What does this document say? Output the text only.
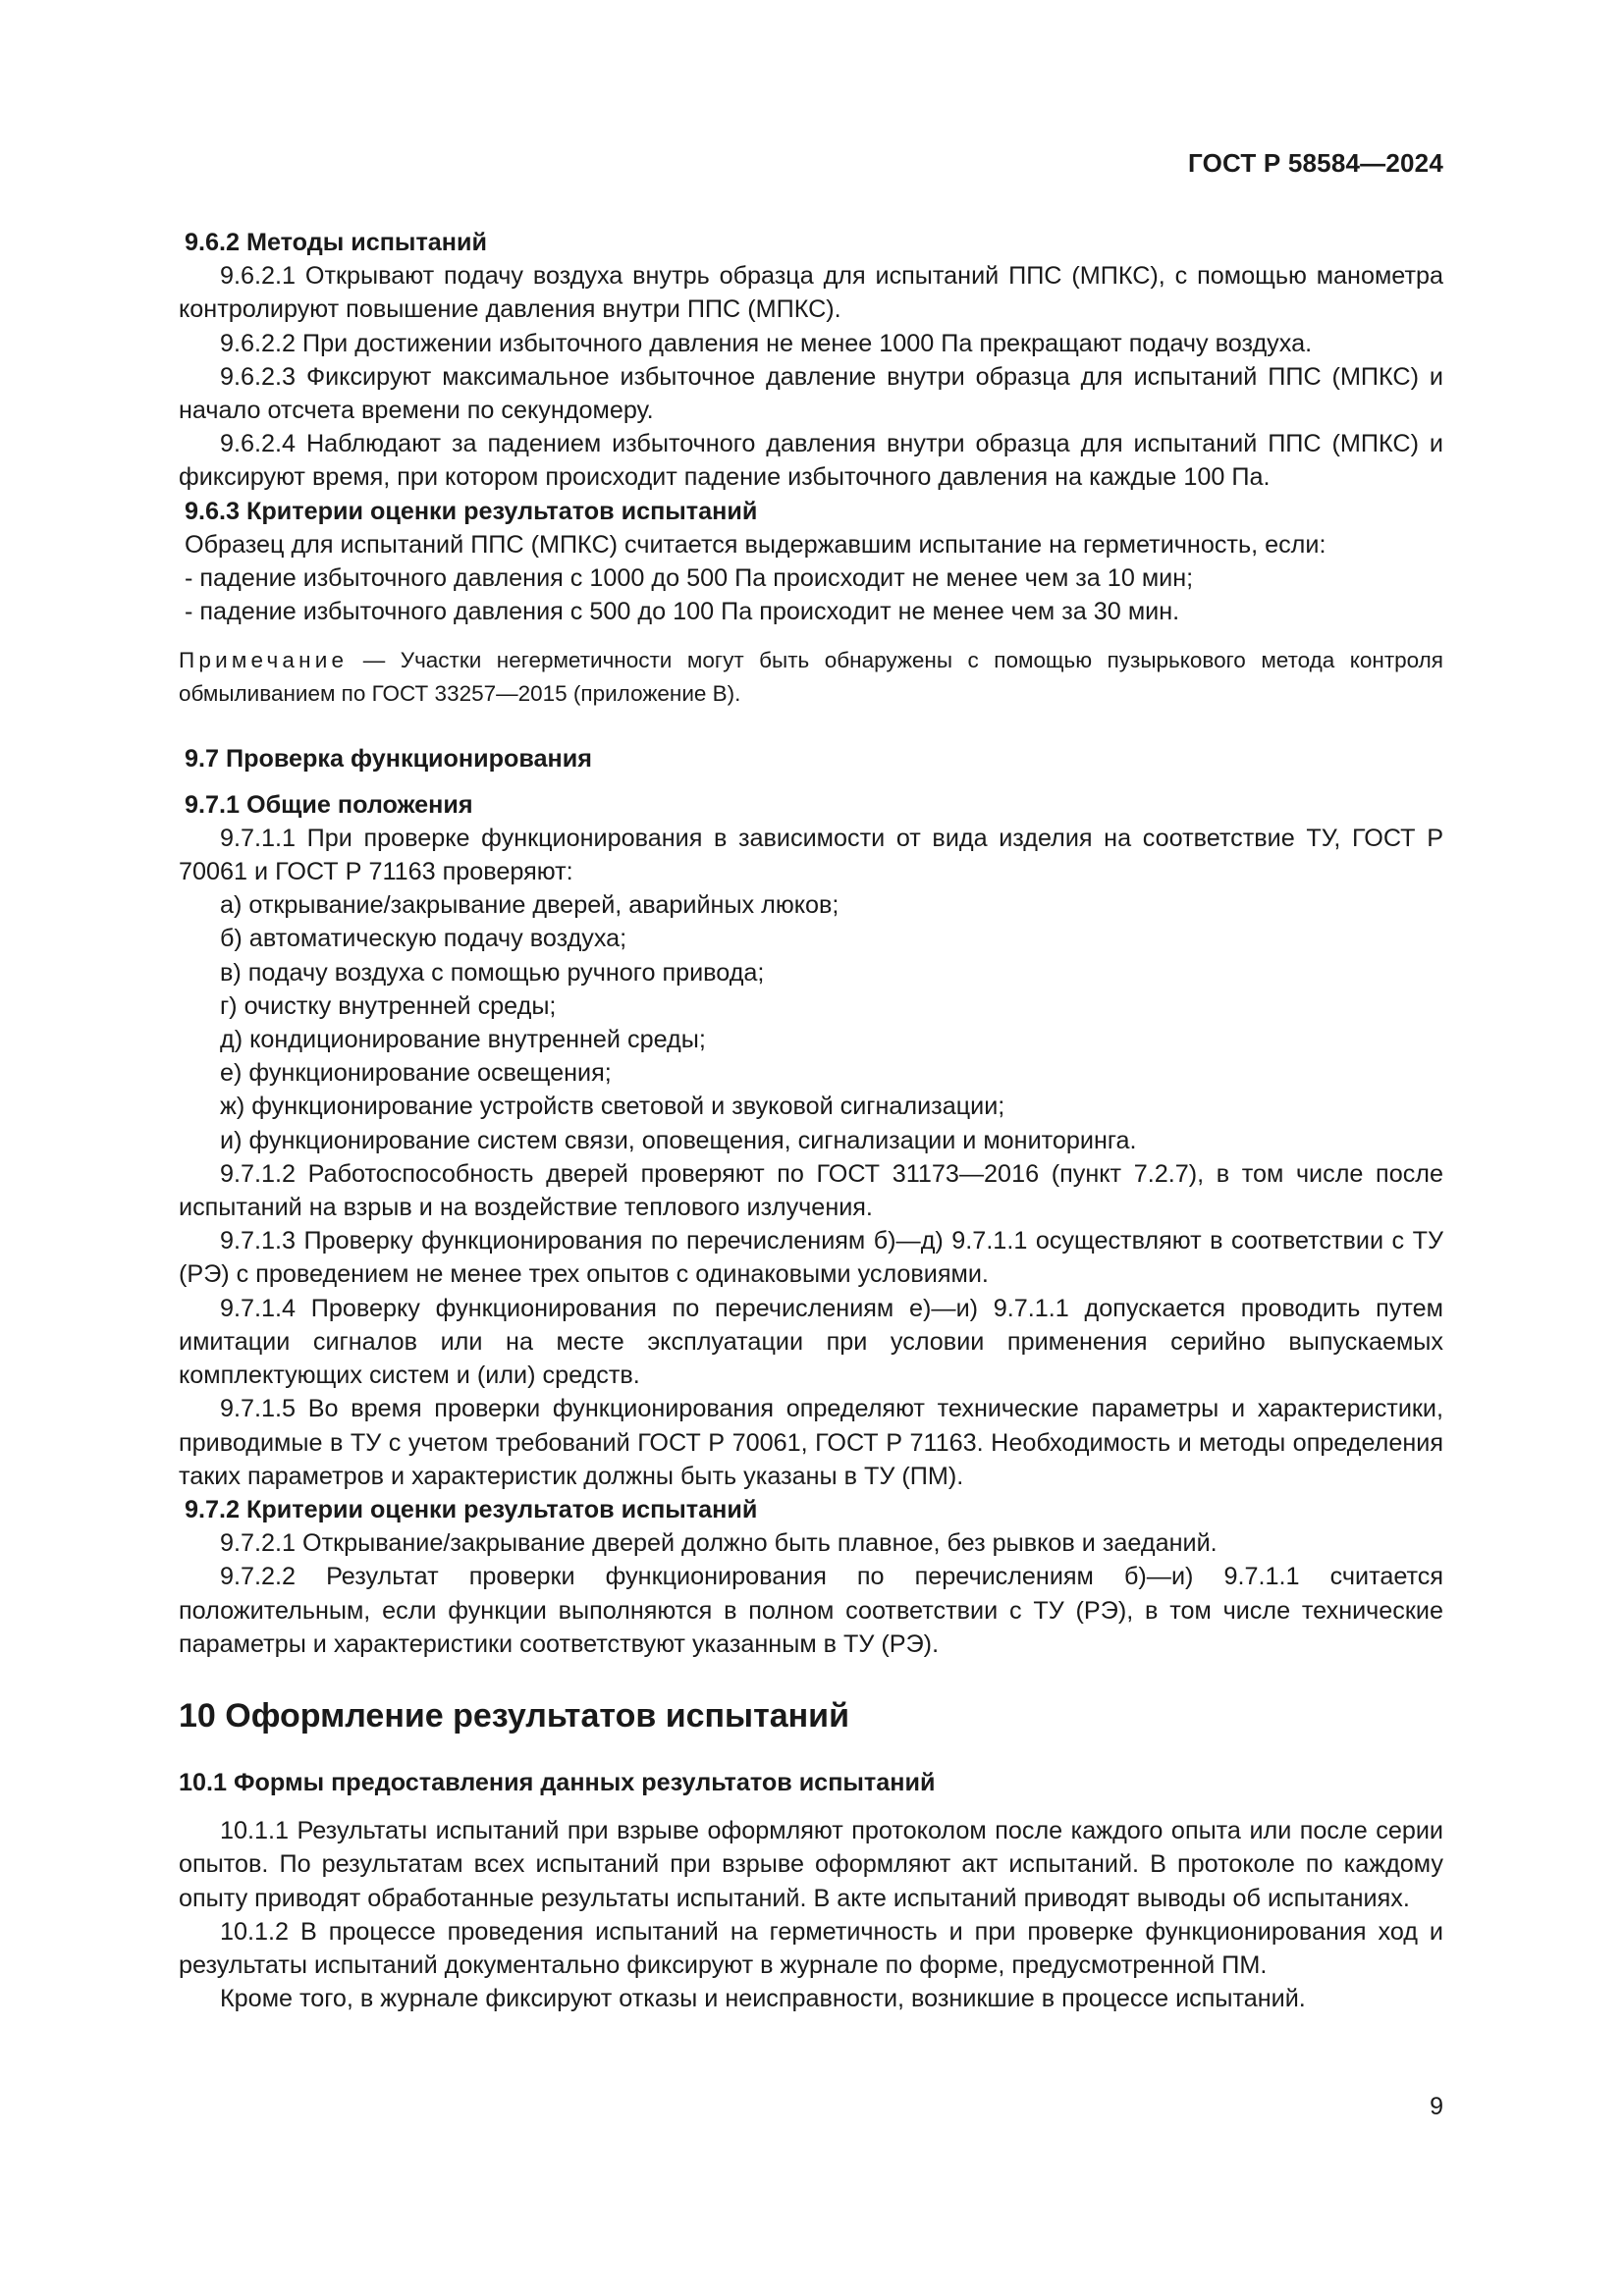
ГОСТ Р 58584—2024

9.6.2 Методы испытаний

9.6.2.1 Открывают подачу воздуха внутрь образца для испытаний ППС (МПКС), с помощью манометра контролируют повышение давления внутри ППС (МПКС).

9.6.2.2 При достижении избыточного давления не менее 1000 Па прекращают подачу воздуха.

9.6.2.3 Фиксируют максимальное избыточное давление внутри образца для испытаний ППС (МПКС) и начало отсчета времени по секундомеру.

9.6.2.4 Наблюдают за падением избыточного давления внутри образца для испытаний ППС (МПКС) и фиксируют время, при котором происходит падение избыточного давления на каждые 100 Па.

9.6.3 Критерии оценки результатов испытаний

Образец для испытаний ППС (МПКС) считается выдержавшим испытание на герметичность, если:

- падение избыточного давления с 1000 до 500 Па происходит не менее чем за 10 мин;

- падение избыточного давления с 500 до 100 Па происходит не менее чем за 30 мин.

Примечание — Участки негерметичности могут быть обнаружены с помощью пузырькового метода контроля обмыливанием по ГОСТ 33257—2015 (приложение В).

9.7 Проверка функционирования

9.7.1 Общие положения

9.7.1.1 При проверке функционирования в зависимости от вида изделия на соответствие ТУ, ГОСТ Р 70061 и ГОСТ Р 71163 проверяют:

а) открывание/закрывание дверей, аварийных люков;

б) автоматическую подачу воздуха;

в) подачу воздуха с помощью ручного привода;

г) очистку внутренней среды;

д) кондиционирование внутренней среды;

е) функционирование освещения;

ж) функционирование устройств световой и звуковой сигнализации;

и) функционирование систем связи, оповещения, сигнализации и мониторинга.

9.7.1.2 Работоспособность дверей проверяют по ГОСТ 31173—2016 (пункт 7.2.7), в том числе после испытаний на взрыв и на воздействие теплового излучения.

9.7.1.3 Проверку функционирования по перечислениям б)—д) 9.7.1.1 осуществляют в соответствии с ТУ (РЭ) с проведением не менее трех опытов с одинаковыми условиями.

9.7.1.4 Проверку функционирования по перечислениям е)—и) 9.7.1.1 допускается проводить путем имитации сигналов или на месте эксплуатации при условии применения серийно выпускаемых комплектующих систем и (или) средств.

9.7.1.5 Во время проверки функционирования определяют технические параметры и характеристики, приводимые в ТУ с учетом требований ГОСТ Р 70061, ГОСТ Р 71163. Необходимость и методы определения таких параметров и характеристик должны быть указаны в ТУ (ПМ).

9.7.2 Критерии оценки результатов испытаний

9.7.2.1 Открывание/закрывание дверей должно быть плавное, без рывков и заеданий.

9.7.2.2 Результат проверки функционирования по перечислениям б)—и) 9.7.1.1 считается положительным, если функции выполняются в полном соответствии с ТУ (РЭ), в том числе технические параметры и характеристики соответствуют указанным в ТУ (РЭ).

10 Оформление результатов испытаний

10.1 Формы предоставления данных результатов испытаний

10.1.1 Результаты испытаний при взрыве оформляют протоколом после каждого опыта или после серии опытов. По результатам всех испытаний при взрыве оформляют акт испытаний. В протоколе по каждому опыту приводят обработанные результаты испытаний. В акте испытаний приводят выводы об испытаниях.

10.1.2 В процессе проведения испытаний на герметичность и при проверке функционирования ход и результаты испытаний документально фиксируют в журнале по форме, предусмотренной ПМ.

Кроме того, в журнале фиксируют отказы и неисправности, возникшие в процессе испытаний.

9
